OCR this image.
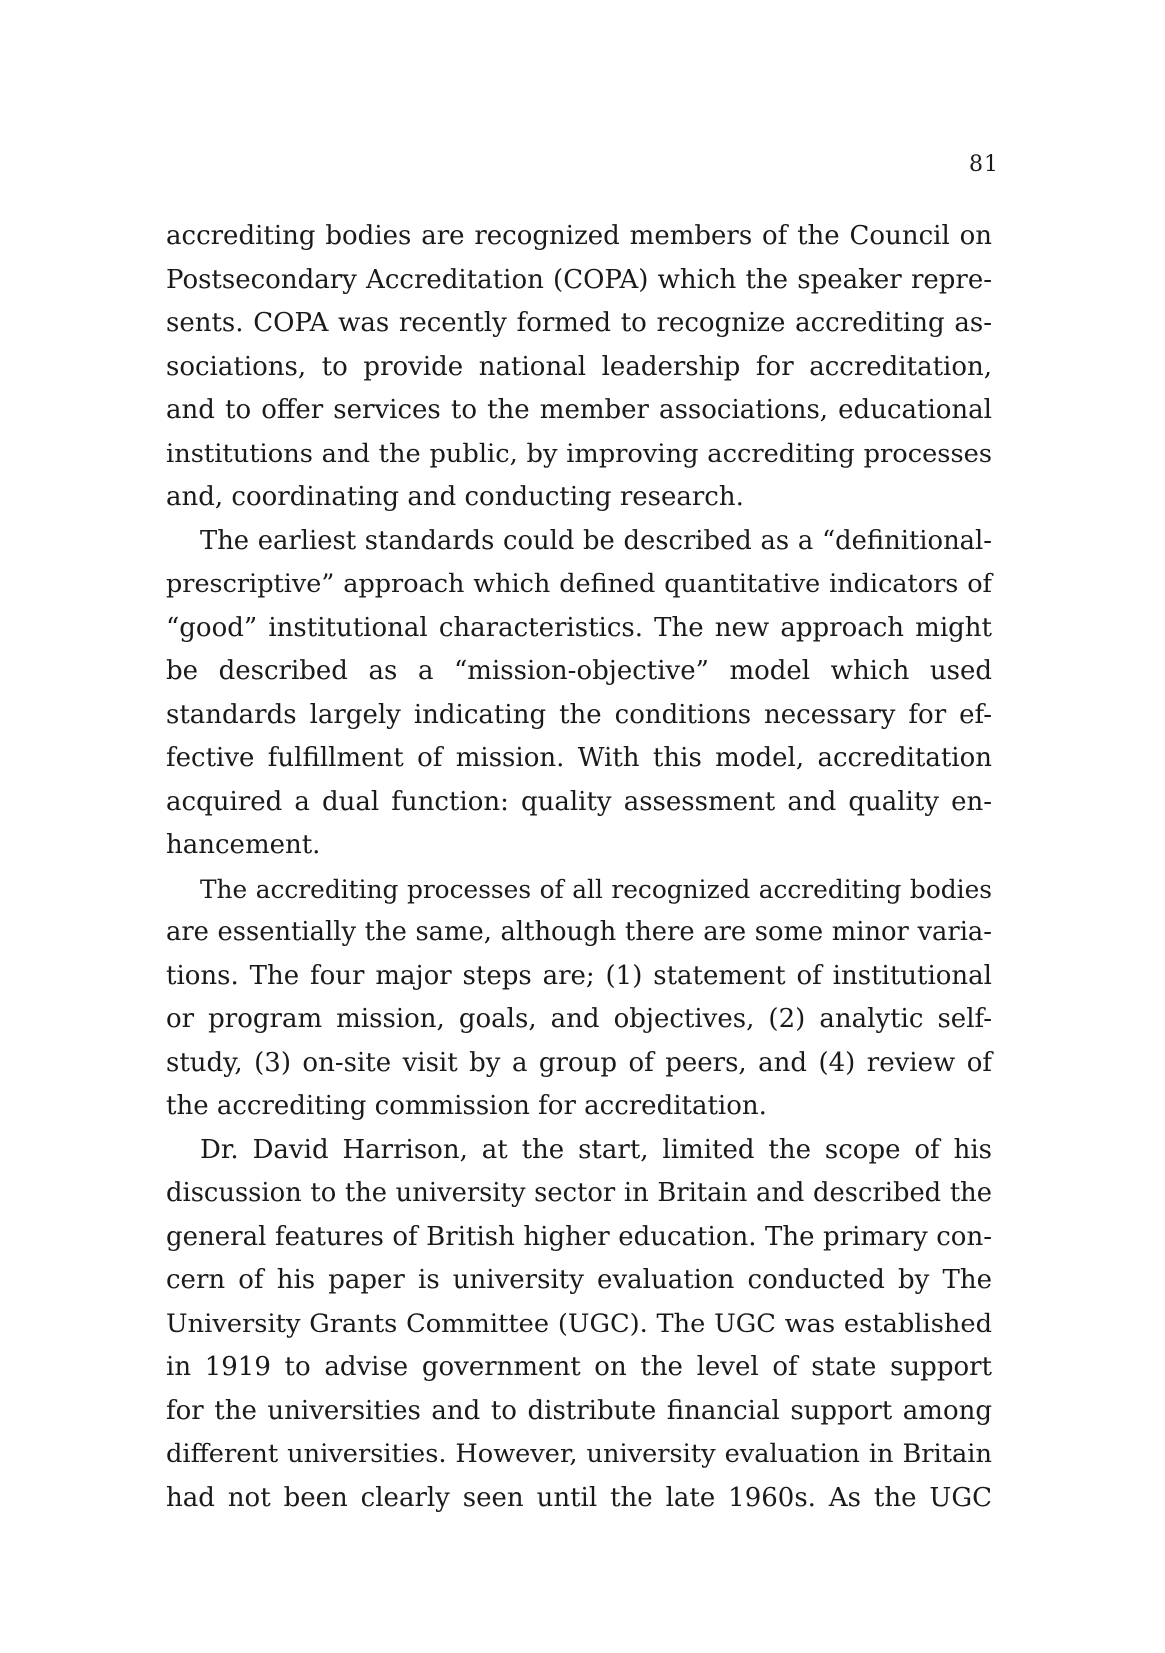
81
accrediting bodies are recognized members of the Council on
Postsecondary Accreditation (COPA) which the speaker repre-
sents. COPA was recently formed to recognize accrediting as-
sociations, to provide national leadership for accreditation,
and to offer services to the member associations, educational
institutions and the public, by improving accrediting processes
and, coordinating and conducting research.
The earliest standards could be described as a “definitional-
prescriptive” approach which defined quantitative indicators of
“good” institutional characteristics. The new approach might
be described as a “mission-objective” model which used
standards largely indicating the conditions necessary for ef-
fective fulfillment of mission. With this model, accreditation
acquired a dual function: quality assessment and quality en-
hancement.
The accrediting processes of all recognized accrediting bodies
are essentially the same, although there are some minor varia-
tions. The four major steps are; (1) statement of institutional
or program mission, goals, and objectives, (2) analytic self-
study, (3) on-site visit by a group of peers, and (4) review of
the accrediting commission for accreditation.
Dr. David Harrison, at the start, limited the scope of his
discussion to the university sector in Britain and described the
general features of British higher education. The primary con-
cern of his paper is university evaluation conducted by The
University Grants Committee (UGC). The UGC was established
in 1919 to advise government on the level of state support
for the universities and to distribute financial support among
different universities. However, university evaluation in Britain
had not been clearly seen until the late 1960s. As the UGC
